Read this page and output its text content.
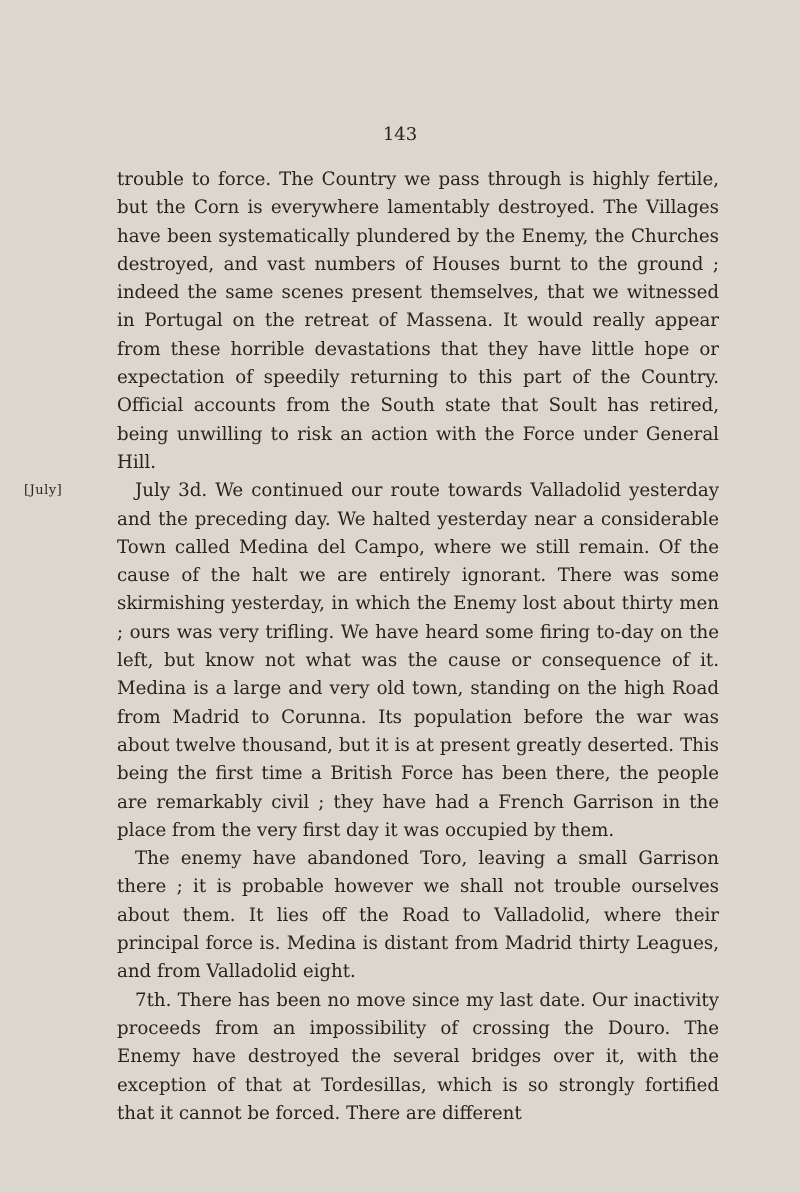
143

trouble to force. The Country we pass through is highly fertile, but the Corn is everywhere lamentably destroyed. The Villages have been systematically plundered by the Enemy, the Churches destroyed, and vast numbers of Houses burnt to the ground ; indeed the same scenes present themselves, that we witnessed in Portugal on the retreat of Massena. It would really appear from these horrible devastations that they have little hope or expectation of speedily returning to this part of the Country. Official accounts from the South state that Soult has retired, being unwilling to risk an action with the Force under General Hill.

[July]	July 3d. We continued our route towards Valladolid yesterday and the preceding day. We halted yesterday near a considerable Town called Medina del Campo, where we still remain. Of the cause of the halt we are entirely ignorant. There was some skirmishing yesterday, in which the Enemy lost about thirty men ; ours was very trifling. We have heard some firing to-day on the left, but know not what was the cause or consequence of it. Medina is a large and very old town, standing on the high Road from Madrid to Corunna. Its population before the war was about twelve thousand, but it is at present greatly deserted. This being the first time a British Force has been there, the people are remarkably civil ; they have had a French Garrison in the place from the very first day it was occupied by them.

The enemy have abandoned Toro, leaving a small Garrison there ; it is probable however we shall not trouble ourselves about them. It lies off the Road to Valladolid, where their principal force is. Medina is distant from Madrid thirty Leagues, and from Valladolid eight.

7th. There has been no move since my last date. Our inactivity proceeds from an impossibility of crossing the Douro. The Enemy have destroyed the several bridges over it, with the exception of that at Tordesillas, which is so strongly fortified that it cannot be forced. There are different
